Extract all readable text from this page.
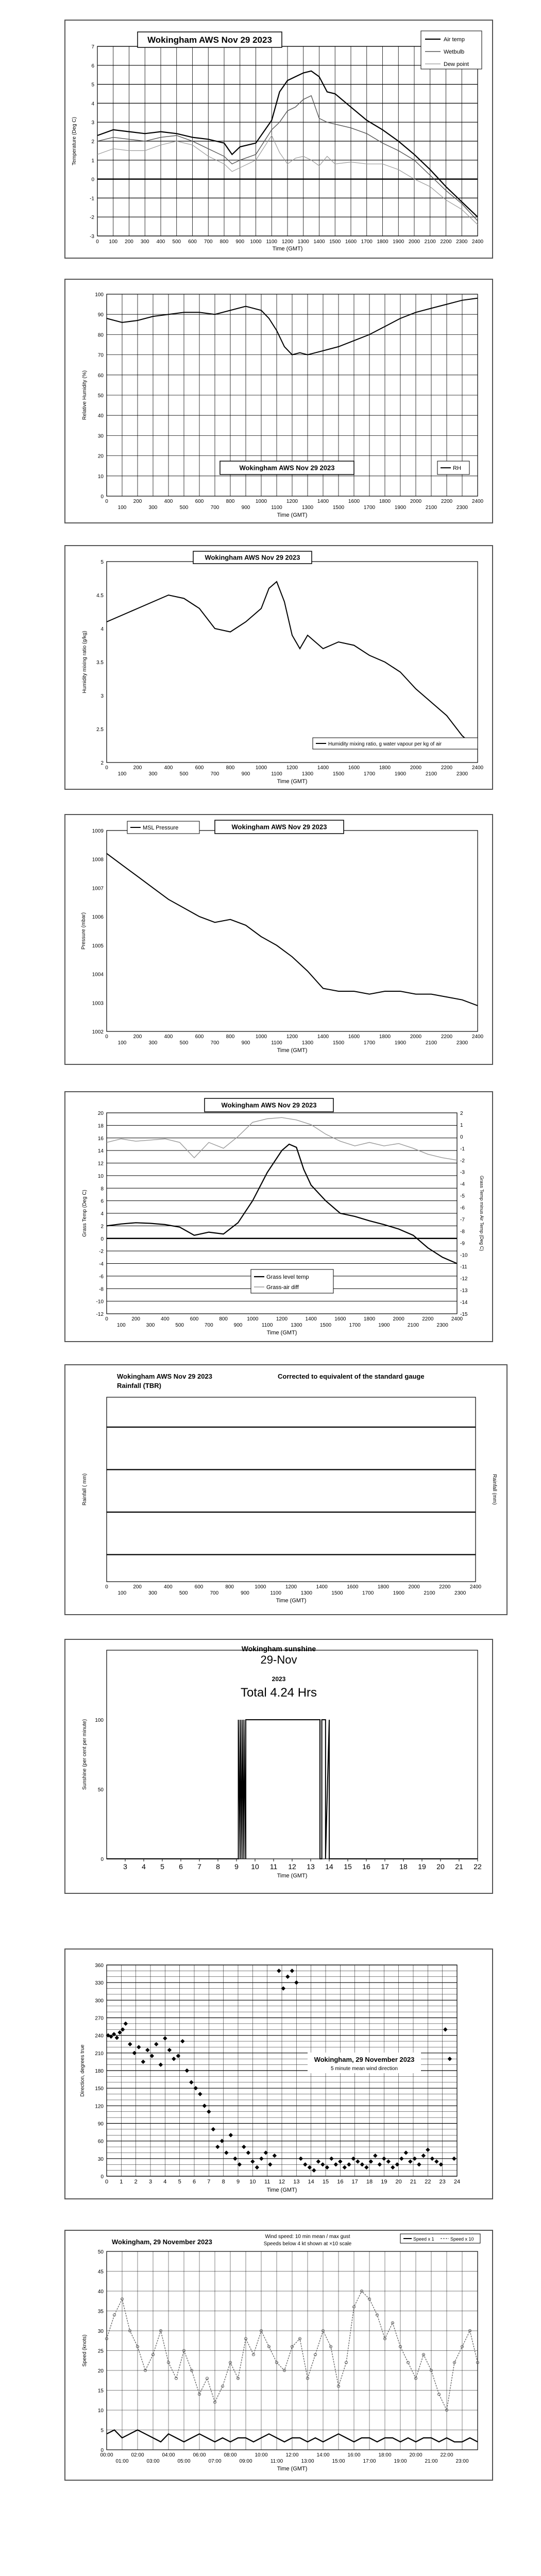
-3
-2
-1
0
1
2
3
4
5
6
7
0 100 200 300 400 500 600 700 800 900 1000 1100 1200 1300 1400 1500 1600 1700 1800 1900 2000 2100 2200 2300 2400
Wokingham AWS Nov 29 2023	Air temp
Wetbulb
Dew point
Temperature (Deg C)
Time (GMT)
0
10
20
30
40
50
60
70
80
90
100
0	200	400	600	800	1000	1200	1400	1600	1800	2000	2200	2400
100	300	500	700	900	1100	1300	1500	1700	1900	2100	2300
Wokingham AWS Nov 29 2023	RH
Relative Humidity (%)
Time (GMT)
2
2.5
3
3.5
4
4.5
5
0	200	400	600	800	1000	1200	1400	1600	1800	2000	2200	2400
100	300	500	700	900	1100	1300	1500	1700	1900	2100	2300
Wokingham AWS Nov 29 2023
Humidity mixing ratio, g water vapour per kg of air
Humidity mixing ratio (g/kg)
Time (GMT)
1002
1003
1004
1005
1006
1007
1008
1009
0	200	400	600	800	1000	1200	1400	1600	1800	2000	2200	2400
100	300	500	700	900	1100	1300	1500	1700	1900	2100	2300
MSL Pressure	Wokingham AWS Nov 29 2023
Pressure (mbar)
Time (GMT)
-12
-10
-8
-6
-4
-2
0
2
4
6
8
10
12
14
16
18
20
-15
-14
-13
-12
-11
-10
-9
-8
-7
-6
-5
-4
-3
-2
-1
0
1
2
0	200	400	600	800	1000	1200	1400	1600	1800	2000	2200	2400
100	300	500	700	900	1100	1300	1500	1700	1900	2100	2300
Wokingham AWS Nov 29 2023
Grass level temp
Grass-air diff
Grass Temp (Deg C)	Grass Temp minus Air Temp (Deg C)
Time (GMT)
0	200	400	600	800	1000	1200	1400	1600	1800	2000	2200	2400
100	300	500	700	900	1100	1300	1500	1700	1900	2100	2300
Wokingham AWS Nov 29 2023
Rainfall (TBR)
Corrected to equivalent of the standard gauge
Rainfall ( mm)	Rainfall (mm)
Time (GMT)
0
50
100
3 4 5 6 7 8 9 10 11 12 13 14 15 16 17 18 19 20 21 22
Wokingham sunshine
29-Nov
2023
Total 4.24 Hrs
Sunshine (per cent per minute)
Time (GMT)
0
30
60
90
120
150
180
210
240
270
300
330
360
0 1 2 3 4 5 6 7 8 9 10 11 12 13 14 15 16 17 18 19 20 21 22 23 24
Wokingham, 29 November 2023
5 minute mean wind direction
Direction, degrees true
Time (GMT)
0
5
10
15
20
25
30
35
40
45
50
00:00	02:00	04:00	06:00	08:00	10:00	12:00	14:00	16:00	18:00	20:00	22:00
01:00	03:00	05:00	07:00	09:00	11:00	13:00	15:00	17:00	19:00	21:00	23:00
Wokingham, 29 November 2023
Wind speed: 10 min mean / max gust
Speeds below 4 kt shown at ×10 scale
Speed x 1	Speed x 10
Speed (knots)
Time (GMT)
